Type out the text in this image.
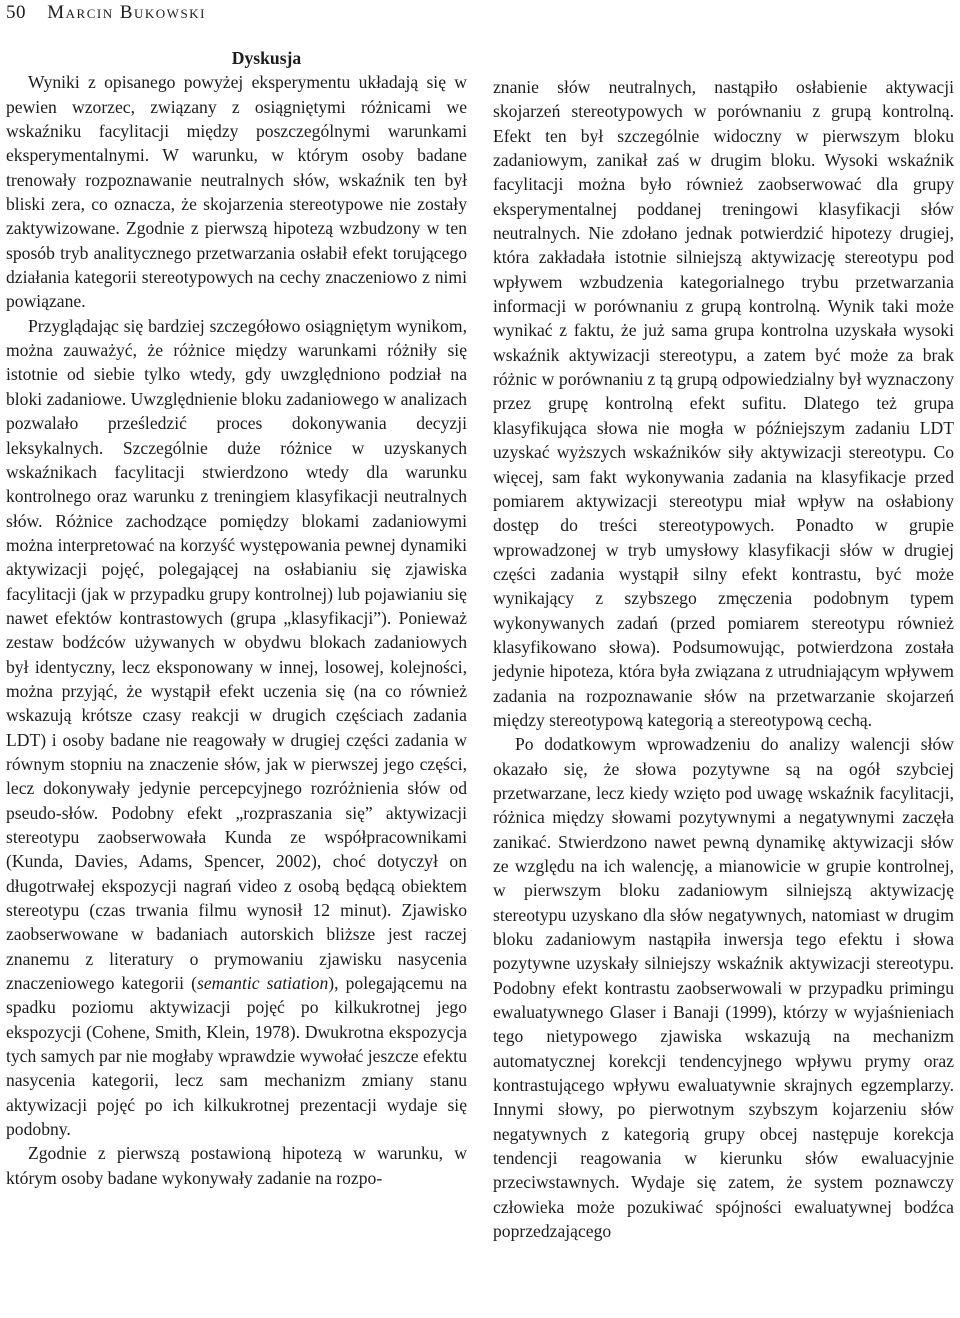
50 Marcin Bukowski
Dyskusja

Wyniki z opisanego powyżej eksperymentu układają się w pewien wzorzec, związany z osiągniętymi różnicami we wskaźniku facylitacji między poszczególnymi warunkami eksperymentalnymi. W warunku, w którym osoby badane trenowały rozpoznawanie neutralnych słów, wskaźnik ten był bliski zera, co oznacza, że skojarzenia stereotypowe nie zostały zaktywizowane. Zgodnie z pierwszą hipotezą wzbudzony w ten sposób tryb analitycznego przetwarzania osłabił efekt torującego działania kategorii stereotypowych na cechy znaczeniowo z nimi powiązane.

Przyglądając się bardziej szczegółowo osiągniętym wynikom, można zauważyć, że różnice między warunkami różniły się istotnie od siebie tylko wtedy, gdy uwzględniono podział na bloki zadaniowe. Uwzględnienie bloku zadaniowego w analizach pozwalało prześledzić proces dokonywania decyzji leksykalnych. Szczególnie duże różnice w uzyskanych wskaźnikach facylitacji stwierdzono wtedy dla warunku kontrolnego oraz warunku z treningiem klasyfikacji neutralnych słów. Różnice zachodzące pomiędzy blokami zadaniowymi można interpretować na korzyść występowania pewnej dynamiki aktywizacji pojęć, polegającej na osłabianiu się zjawiska facylitacji (jak w przypadku grupy kontrolnej) lub pojawianiu się nawet efektów kontrastowych (grupa „klasyfikacji”). Ponieważ zestaw bodźców używanych w obydwu blokach zadaniowych był identyczny, lecz eksponowany w innej, losowej, kolejności, można przyjąć, że wystąpił efekt uczenia się (na co również wskazują krótsze czasy reakcji w drugich częściach zadania LDT) i osoby badane nie reagowały w drugiej części zadania w równym stopniu na znaczenie słów, jak w pierwszej jego części, lecz dokonywały jedynie percepcyjnego rozróżnienia słów od pseudo-słów. Podobny efekt „rozpraszania się” aktywizacji stereotypu zaobserwowała Kunda ze współpracownikami (Kunda, Davies, Adams, Spencer, 2002), choć dotyczył on długotrwałej ekspozycji nagrań video z osobą będącą obiektem stereotypu (czas trwania filmu wynosił 12 minut). Zjawisko zaobserwowane w badaniach autorskich bliższe jest raczej znanemu z literatury o prymowaniu zjawisku nasycenia znaczeniowego kategorii (semantic satiation), polegającemu na spadku poziomu aktywizacji pojęć po kilkukrotnej jego ekspozycji (Cohene, Smith, Klein, 1978). Dwukrotna ekspozycja tych samych par nie mogłaby wprawdzie wywołać jeszcze efektu nasycenia kategorii, lecz sam mechanizm zmiany stanu aktywizacji pojęć po ich kilkukrotnej prezentacji wydaje się podobny.

Zgodnie z pierwszą postawioną hipotezą w warunku, w którym osoby badane wykonywały zadanie na rozpo-

znanie słów neutralnych, nastąpiło osłabienie aktywacji skojarzeń stereotypowych w porównaniu z grupą kontrolną. Efekt ten był szczególnie widoczny w pierwszym bloku zadaniowym, zanikał zaś w drugim bloku. Wysoki wskaźnik facylitacji można było również zaobserwować dla grupy eksperymentalnej poddanej treningowi klasyfikacji słów neutralnych. Nie zdołano jednak potwierdzić hipotezy drugiej, która zakładała istotnie silniejszą aktywizację stereotypu pod wpływem wzbudzenia kategorialnego trybu przetwarzania informacji w porównaniu z grupą kontrolną. Wynik taki może wynikać z faktu, że już sama grupa kontrolna uzyskała wysoki wskaźnik aktywizacji stereotypu, a zatem być może za brak różnic w porównaniu z tą grupą odpowiedzialny był wyznaczony przez grupę kontrolną efekt sufitu. Dlatego też grupa klasyfikująca słowa nie mogła w późniejszym zadaniu LDT uzyskać wyższych wskaźników siły aktywizacji stereotypu. Co więcej, sam fakt wykonywania zadania na klasyfikacje przed pomiarem aktywizacji stereotypu miał wpływ na osłabiony dostęp do treści stereotypowych. Ponadto w grupie wprowadzonej w tryb umysłowy klasyfikacji słów w drugiej części zadania wystąpił silny efekt kontrastu, być może wynikający z szybszego zmęczenia podobnym typem wykonywanych zadań (przed pomiarem stereotypu również klasyfikowano słowa). Podsumowując, potwierdzona została jedynie hipoteza, która była związana z utrudniającym wpływem zadania na rozpoznawanie słów na przetwarzanie skojarzeń między stereotypową kategorią a stereotypową cechą.

Po dodatkowym wprowadzeniu do analizy walencji słów okazało się, że słowa pozytywne są na ogół szybciej przetwarzane, lecz kiedy wzięto pod uwagę wskaźnik facylitacji, różnica między słowami pozytywnymi a negatywnymi zaczęła zanikać. Stwierdzono nawet pewną dynamikę aktywizacji słów ze względu na ich walencję, a mianowicie w grupie kontrolnej, w pierwszym bloku zadaniowym silniejszą aktywizację stereotypu uzyskano dla słów negatywnych, natomiast w drugim bloku zadaniowym nastąpiła inwersja tego efektu i słowa pozytywne uzyskały silniejszy wskaźnik aktywizacji stereotypu. Podobny efekt kontrastu zaobserwowali w przypadku primingu ewaluatywnego Glaser i Banaji (1999), którzy w wyjaśnieniach tego nietypowego zjawiska wskazują na mechanizm automatycznej korekcji tendencyjnego wpływu prymy oraz kontrastującego wpływu ewaluatywnie skrajnych egzemplarzy. Innymi słowy, po pierwotnym szybszym kojarzeniu słów negatywnych z kategorią grupy obcej następuje korekcja tendencji reagowania w kierunku słów ewaluacyjnie przeciwstawnych. Wydaje się zatem, że system poznawczy człowieka może pozukiwać spójności ewaluatywnej bodźca poprzedzającego
